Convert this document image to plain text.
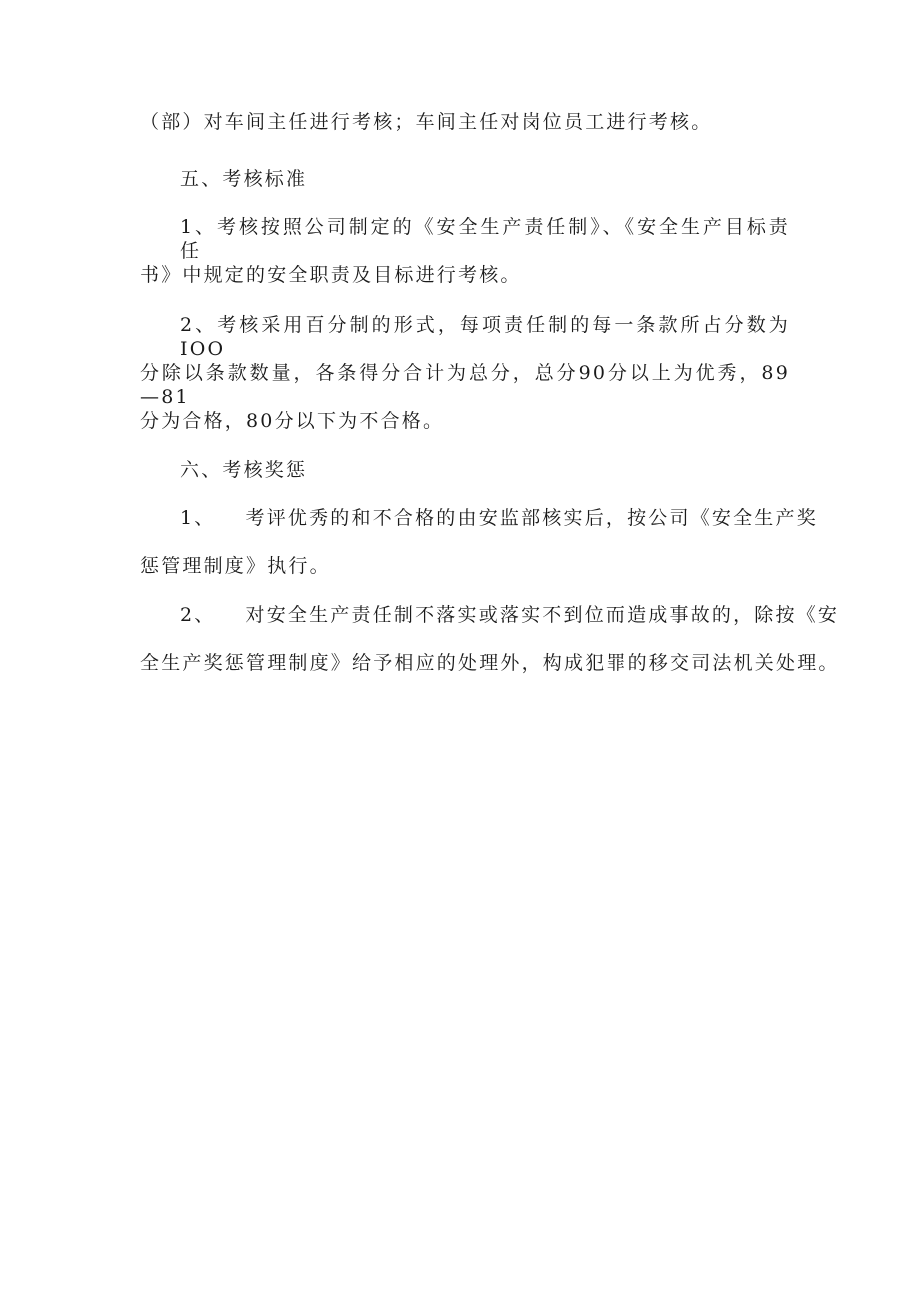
（部）对车间主任进行考核；车间主任对岗位员工进行考核。
五、考核标准
1、考核按照公司制定的《安全生产责任制》、《安全生产目标责任
书》中规定的安全职责及目标进行考核。
2、考核采用百分制的形式，每项责任制的每一条款所占分数为IOO
分除以条款数量，各条得分合计为总分，总分90分以上为优秀，89—81
分为合格，80分以下为不合格。
六、考核奖惩
1、 考评优秀的和不合格的由安监部核实后，按公司《安全生产奖
惩管理制度》执行。
2、 对安全生产责任制不落实或落实不到位而造成事故的，除按《安
全生产奖惩管理制度》给予相应的处理外，构成犯罪的移交司法机关处理。
